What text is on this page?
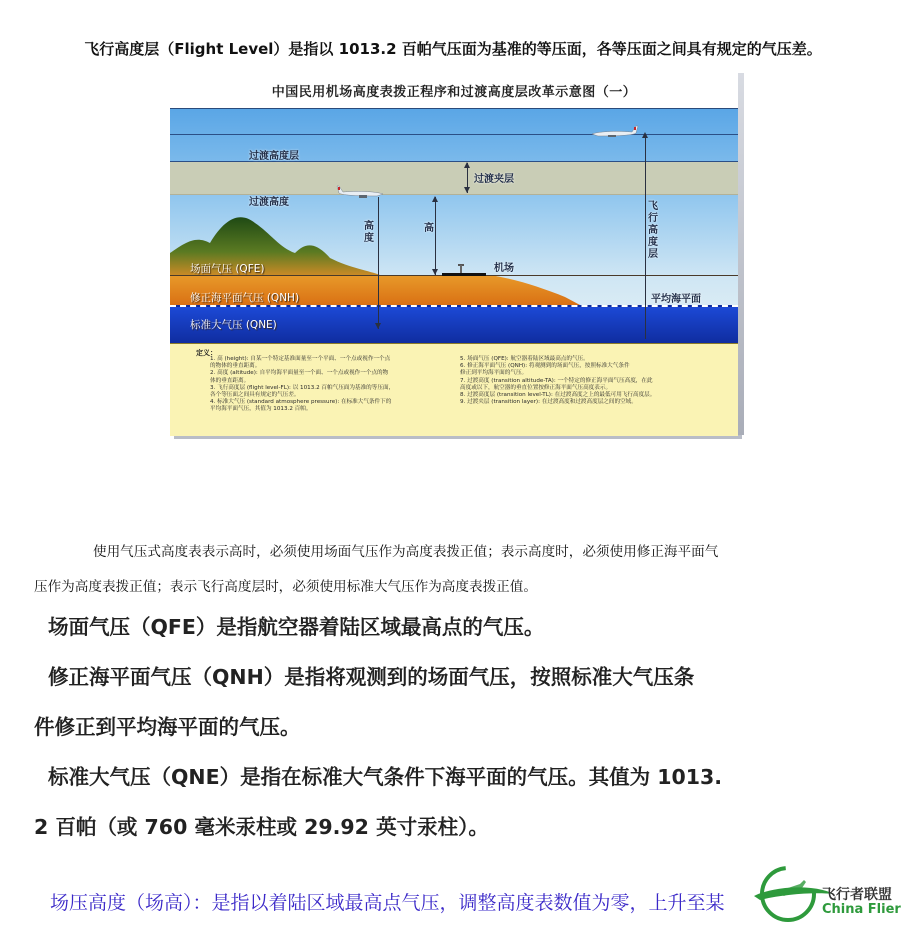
飞行高度层（Flight Level）是指以 1013.2 百帕气压面为基准的等压面，各等压面之间具有规定的气压差。
中国民用机场高度表拨正程序和过渡高度层改革示意图（一）
过渡高度层
过渡夹层
过渡高度
高度
高
飞行高度层
机场
平均海平面
场面气压 (QFE)
修正海平面气压 (QNH)
标准大气压 (QNE)
定义：
1. 高 (height): 自某一个特定基准面量至一个平面、一个点或视作一个点
的物体的垂直距离。
2. 高度 (altitude): 自平均海平面量至一个面、一个点或视作一个点的物
体的垂直距离。
3. 飞行高度层 (flight level-FL): 以 1013.2 百帕气压面为基准的等压面，
各个等压面之间具有规定的气压差。
4. 标准大气压 (standard atmosphere pressure): 在标准大气条件下的
平均海平面气压，其值为 1013.2 百帕。
5. 场面气压 (QFE): 航空器着陆区域最高点的气压。
6. 修正海平面气压 (QNH): 将观测到的场面气压，按照标准大气条件
修正到平均海平面的气压。
7. 过渡高度 (transition altitude-TA): 一个特定的修正海平面气压高度，在此
高度或以下，航空器的垂直位置按修正海平面气压高度表示。
8. 过渡高度层 (transition level-TL): 在过渡高度之上的最低可用飞行高度层。
9. 过渡夹层 (transition layer): 在过渡高度和过渡高度层之间的空域。
使用气压式高度表表示高时，必须使用场面气压作为高度表拨正值；表示高度时，必须使用修正海平面气
压作为高度表拨正值；表示飞行高度层时，必须使用标准大气压作为高度表拨正值。
场面气压（QFE）是指航空器着陆区域最高点的气压。
修正海平面气压（QNH）是指将观测到的场面气压，按照标准大气压条
件修正到平均海平面的气压。
标准大气压（QNE）是指在标准大气条件下海平面的气压。其值为 1013.
2 百帕（或 760 毫米汞柱或 29.92 英寸汞柱）。
场压高度（场高）：是指以着陆区域最高点气压，调整高度表数值为零，上升至某	飞行者联盟
China Flier
